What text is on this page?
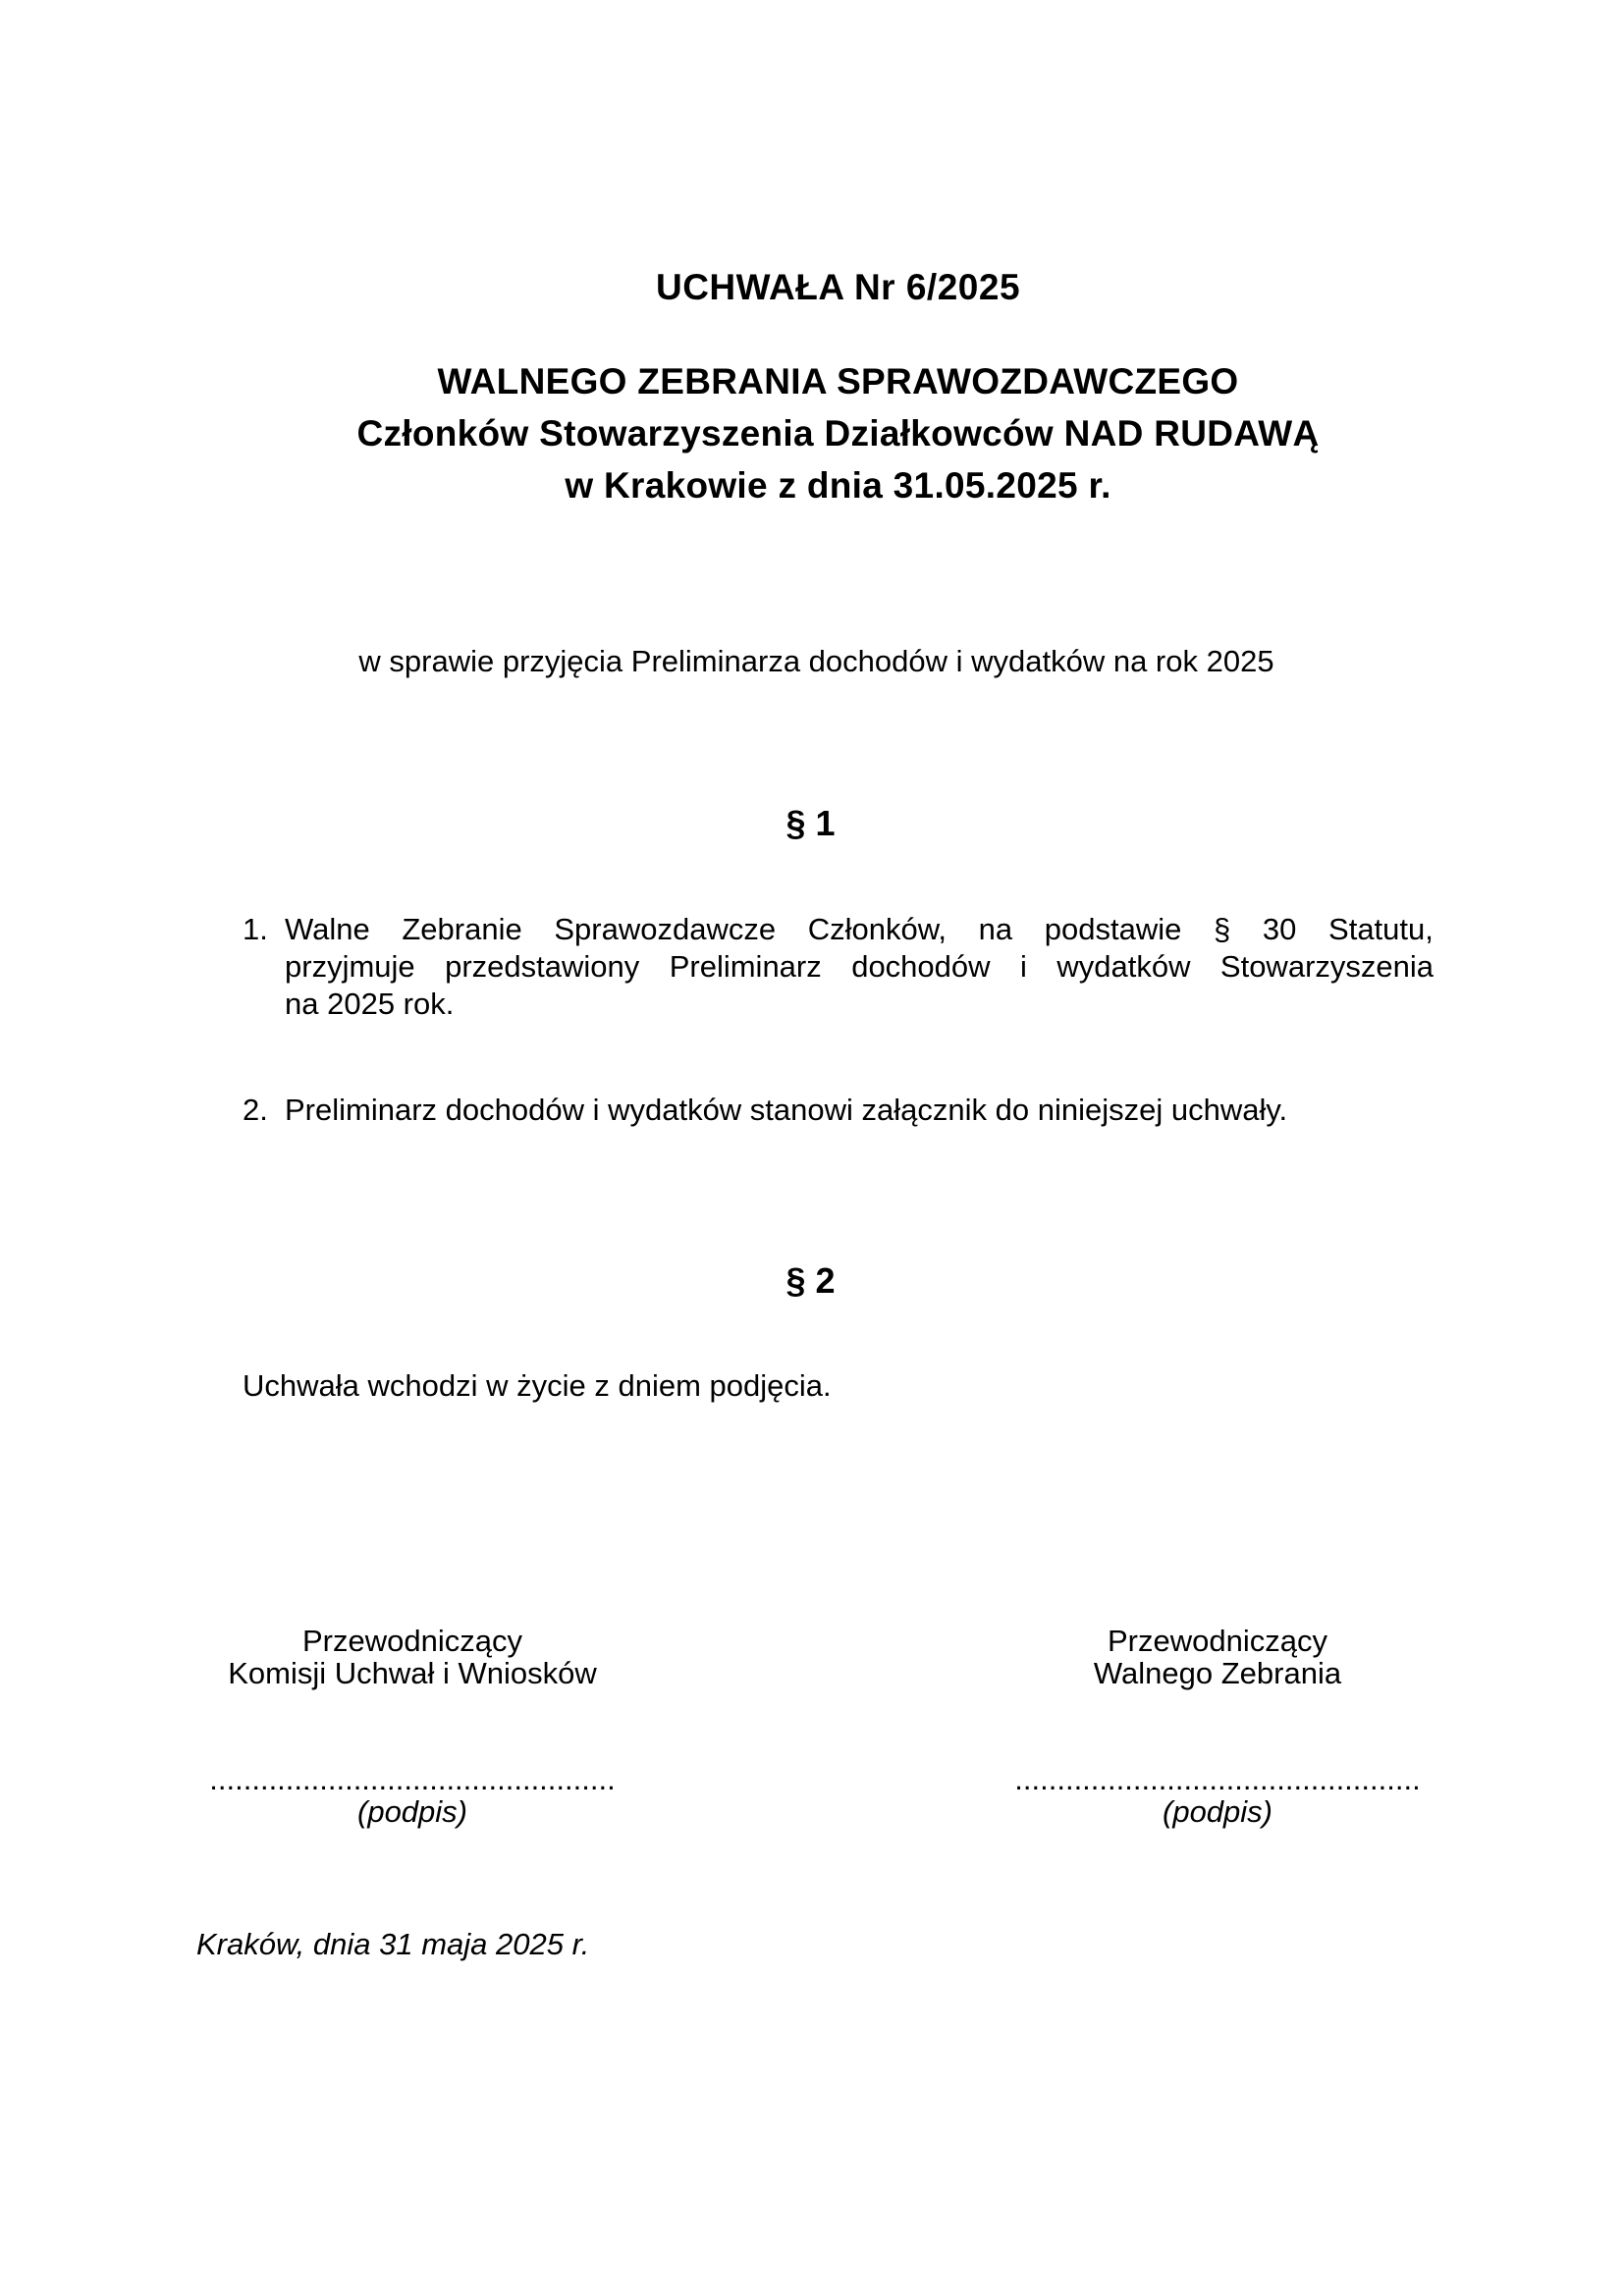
UCHWAŁA Nr 6/2025
WALNEGO ZEBRANIA SPRAWOZDAWCZEGO
Członków Stowarzyszenia Działkowców NAD RUDAWĄ
w Krakowie z dnia 31.05.2025 r.
w sprawie przyjęcia Preliminarza dochodów i wydatków na rok 2025
§ 1
1. Walne Zebranie Sprawozdawcze Członków, na podstawie § 30 Statutu,
przyjmuje przedstawiony Preliminarz dochodów i wydatków Stowarzyszenia
na 2025 rok.
2. Preliminarz dochodów i wydatków stanowi załącznik do niniejszej uchwały.
§ 2
Uchwała wchodzi w życie z dniem podjęcia.
Przewodniczący
Komisji Uchwał i Wniosków
................................................
(podpis)
Przewodniczący
Walnego Zebrania
................................................
(podpis)
Kraków, dnia 31 maja 2025 r.
